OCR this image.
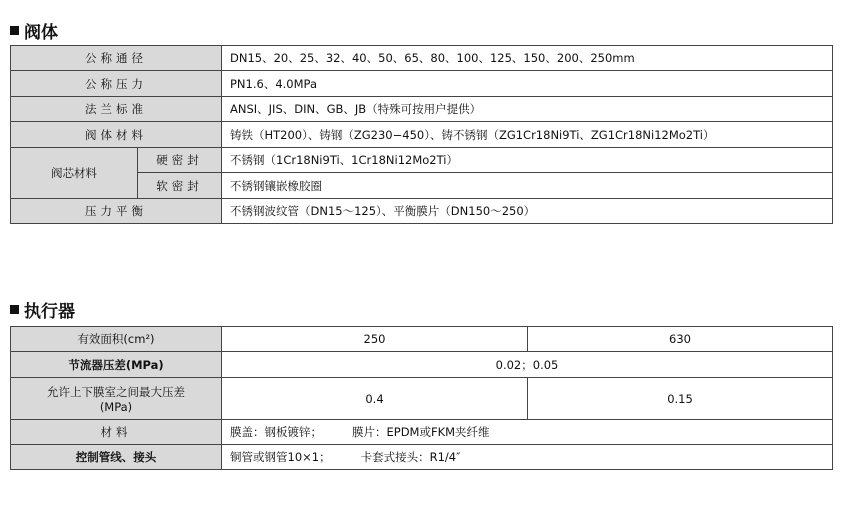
阀体
公称通径		DN15、20、25、32、40、50、65、80、100、125、150、200、250mm
公称压力		PN1.6、4.0MPa
法兰标准		ANSI、JIS、DIN、GB、JB（特殊可按用户提供）
阀体材料		铸铁（HT200）、铸钢（ZG230−450）、铸不锈钢（ZG1Cr18Ni9Ti、ZG1Cr18Ni12Mo2Ti）
阀芯材料	硬密封	不锈钢（1Cr18Ni9Ti、1Cr18Ni12Mo2Ti）
	软密封	不锈钢镶嵌橡胶圈
压力平衡		不锈钢波纹管（DN15～125）、平衡膜片（DN150～250）
执行器
有效面积(cm²)	250	630
节流器压差(MPa)	0.02；0.05	

允许上下膜室之间最大压差
(MPa)	0.4	0.15
材料	膜盖：钢板镀锌； 膜片：EPDM或FKM夹纤维	
控制管线、接头	铜管或钢管10×1； 卡套式接头：R1/4″	
